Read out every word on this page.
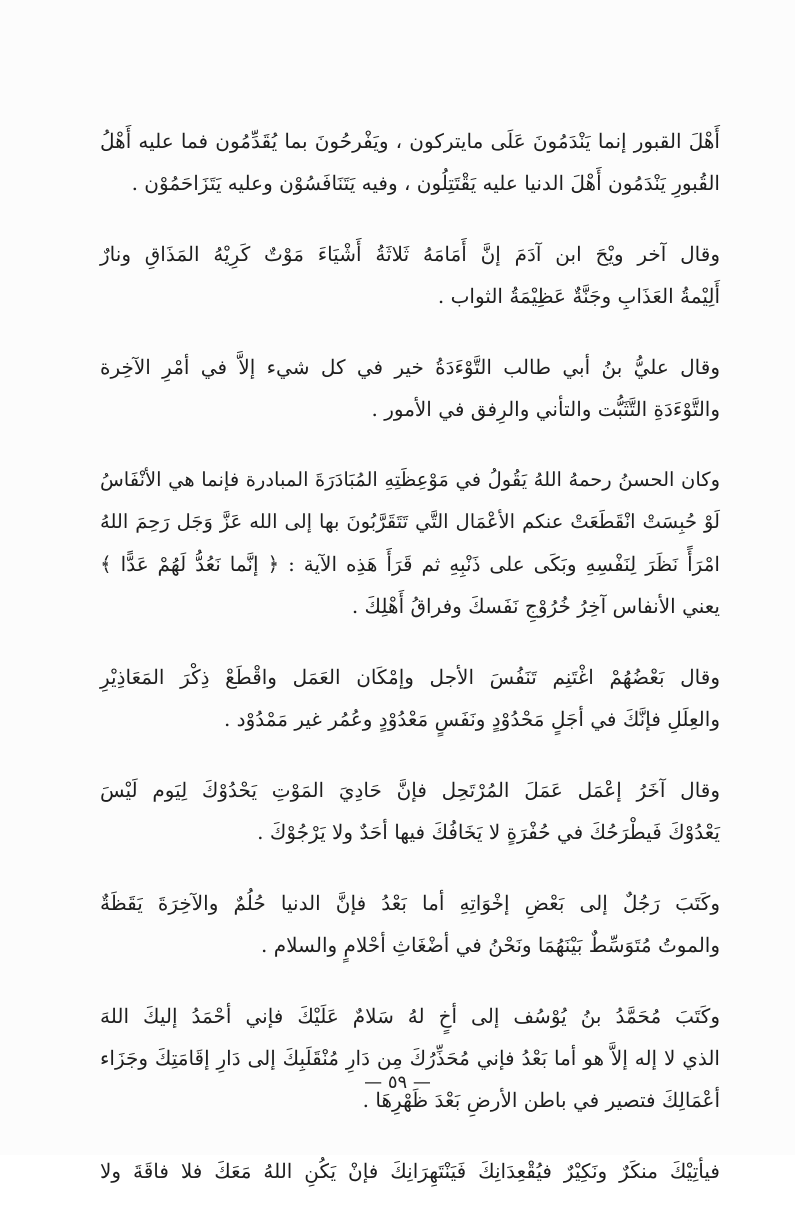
أَهْلَ القبور إنما يَنْدَمُونَ عَلَى مايتركون ، ويَفْرحُونَ بما يُقَدِّمُون فما عليه أَهْلُ
القُبورِ يَنْدَمُون أَهْلَ الدنيا عليه يَقْتَتِلُون ، وفيه يَتَنَافَسُوْن وعليه يَتَزَاحَمُوْن .

وقال آخر ويْحَ ابن آدَمَ إنَّ أَمَامَهُ ثَلاثَةُ أَشْيَاءَ مَوْتٌ كَرِيْهُ المَذَاقِ ونارٌ
أَلِيْمةُ العَذَابِ وجَنَّةٌ عَظِيْمَةُ الثواب .

وقال عليُّ بنُ أبي طالب التَّوْءَدَةُ خير في كل شيء إلاَّ في أمْرِ الآخِرة
والتَّوْءَدَةِ التَّثَبُّت والتأني والرِفق في الأمور .

وكان الحسنُ رحمهُ اللهُ يَقُولُ في مَوْعِظَتِهِ المُبَادَرَةَ المبادرة فإنما هي الأنْفَاسُ
لَوْ حُبِسَتْ انْقَطَعَتْ عنكم الأعْمَال التَّي تَتَقَرَّبُونَ بها إلى الله عَزَّ وَجَل رَحِمَ اللهُ
امْرَأً نَظَرَ لِنَفْسِهِ وبَكَى على ذَنْبِهِ ثم قَرَأَ هَذِه الآية : ﴿ إنَّما نَعُدُّ لَهُمْ عَدًّا ﴾
يعني الأنفاس آخِرُ خُرُوْجِ نَفَسكَ وفراقُ أَهْلِكَ .

وقال بَعْضُهُمْ اغْتَنِم تَنَفُسَ الأجل وإمْكَان العَمَل واقْطَعْ ذِكْرَ المَعَاذِيْرِ
والعِلَلِ فإنَّكَ في أجَلٍ مَحْدُوْدٍ ونَفَسٍ مَعْدُوْدٍ وعُمُر غير مَمْدُوْد .

وقال آخَرُ إعْمَل عَمَلَ المُرْتَحِل فإنَّ حَادِيَ المَوْتِ يَحْدُوْكَ لِيَوم لَيْسَ
يَعْدُوْكَ فَيطْرَحُكَ في حُفْرَةٍ لا يَخَافُكَ فيها أحَدٌ ولا يَرْجُوْكَ .

وكَتَبَ رَجُلٌ إلى بَعْضِ إخْوَاتِهِ أما بَعْدُ فإنَّ الدنيا حُلُمٌ والآخِرَةَ يَقَظَةٌ
والموتُ مُتَوَسِّطٌ بَيْنَهُمَا ونَحْنُ في أضْغَاثِ أحْلامٍ والسلام .

وكَتَبَ مُحَمَّدُ بنُ يُوْسُف إلى أخٍ لهُ سَلامٌ عَلَيْكَ فإني أحْمَدُ إليكَ اللهَ
الذي لا إله إلاَّ هو أما بَعْدُ فإني مُحَذِّرُكَ مِن دَارِ مُنْقَلَبِكَ إلى دَارِ إقَامَتِكَ وجَزَاء
أعْمَالِكَ فتصير في باطن الأرضِ بَعْدَ ظَهْرِهَا .

فيأتِيْكَ منكَرٌ ونَكِيْرٌ فيُقْعِدَانِكَ فَيَنْتَهِرَانِكَ فإنْ يَكُنِ اللهُ مَعَكَ فلا فاقَةَ ولا

— ٥٩ —
